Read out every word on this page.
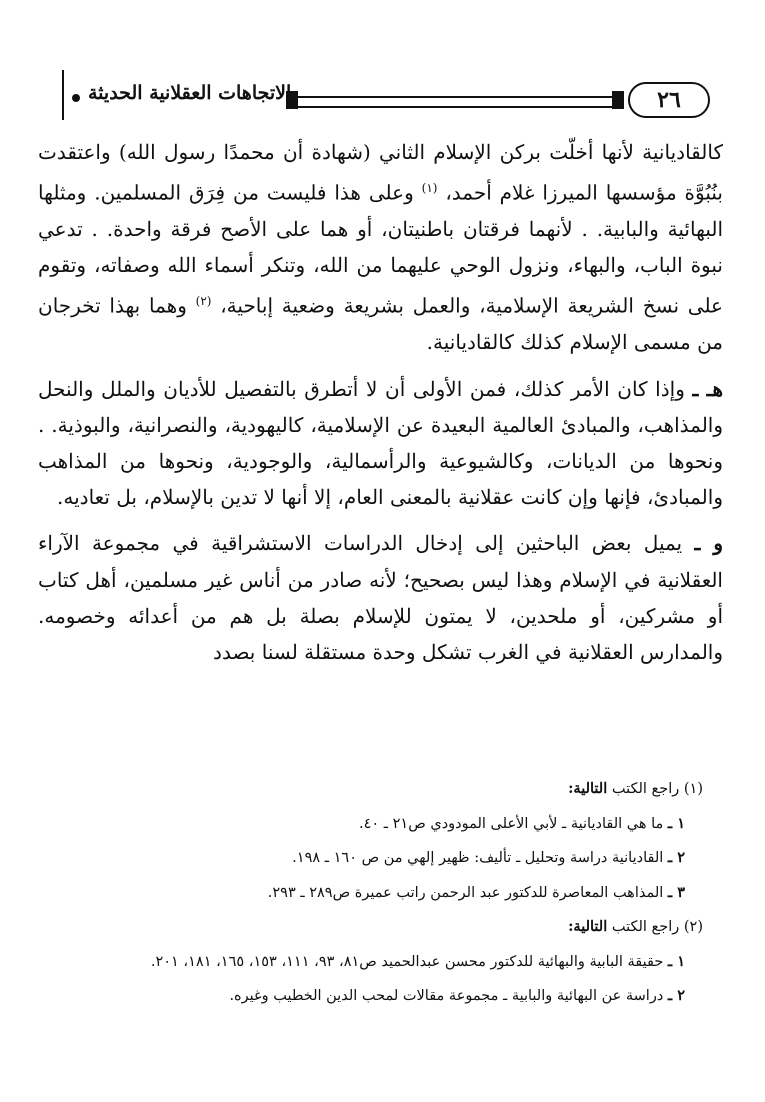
٢٦
الاتجاهات العقلانية الحديثة

كالقاديانية لأنها أخلّت بركن الإسلام الثاني (شهادة أن محمدًا رسول الله) واعتقدت بنُبُوَّة مؤسسها الميرزا غلام أحمد، $^{(١)}$ وعلى هذا فليست من فِرَق المسلمين. ومثلها البهائية والبابية. . لأنهما فرقتان باطنيتان، أو هما على الأصح فرقة واحدة. . تدعي نبوة الباب، والبهاء، ونزول الوحي عليهما من الله، وتنكر أسماء الله وصفاته، وتقوم على نسخ الشريعة الإسلامية، والعمل بشريعة وضعية إباحية، $^{(٢)}$ وهما بهذا تخرجان من مسمى الإسلام كذلك كالقاديانية.

هـ ـ وإذا كان الأمر كذلك، فمن الأولى أن لا أتطرق بالتفصيل للأديان والملل والنحل والمذاهب، والمبادئ العالمية البعيدة عن الإسلامية، كاليهودية، والنصرانية، والبوذية. . ونحوها من الديانات، وكالشيوعية والرأسمالية، والوجودية، ونحوها من المذاهب والمبادئ، فإنها وإن كانت عقلانية بالمعنى العام، إلا أنها لا تدين بالإسلام، بل تعاديه.

و ـ يميل بعض الباحثين إلى إدخال الدراسات الاستشراقية في مجموعة الآراء العقلانية في الإسلام وهذا ليس بصحيح؛ لأنه صادر من أناس غير مسلمين، أهل كتاب أو مشركين، أو ملحدين، لا يمتون للإسلام بصلة بل هم من أعدائه وخصومه. والمدارس العقلانية في الغرب تشكل وحدة مستقلة لسنا بصدد

(١) راجع الكتب التالية:
١ ـ ما هي القاديانية ـ لأبي الأعلى المودودي ص٢١ ـ ٤٠.
٢ ـ القاديانية دراسة وتحليل ـ تأليف: ظهير إلهي من ص ١٦٠ ـ ١٩٨.
٣ ـ المذاهب المعاصرة للدكتور عبد الرحمن راتب عميرة ص٢٨٩ ـ ٢٩٣.
(٢) راجع الكتب التالية:
١ ـ حقيقة البابية والبهائية للدكتور محسن عبدالحميد ص٨١، ٩٣، ١١١، ١٥٣، ١٦٥، ١٨١، ٢٠١.
٢ ـ دراسة عن البهائية والبابية ـ مجموعة مقالات لمحب الدين الخطيب وغيره.
